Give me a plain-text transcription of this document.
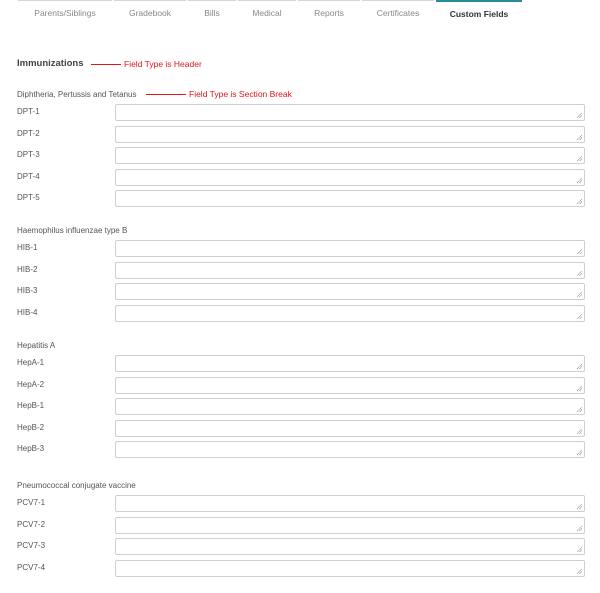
Parents/Siblings	Gradebook	Bills	Medical	Reports	Certificates	Custom Fields
Immunizations	Field Type is Header
Diphtheria, Pertussis and Tetanus	Field Type is Section Break
DPT-1
DPT-2
DPT-3
DPT-4
DPT-5
Haemophilus influenzae type B
HIB-1
HIB-2
HIB-3
HIB-4
Hepatitis A
HepA-1
HepA-2
HepB-1
HepB-2
HepB-3
Pneumococcal conjugate vaccine
PCV7-1
PCV7-2
PCV7-3
PCV7-4
